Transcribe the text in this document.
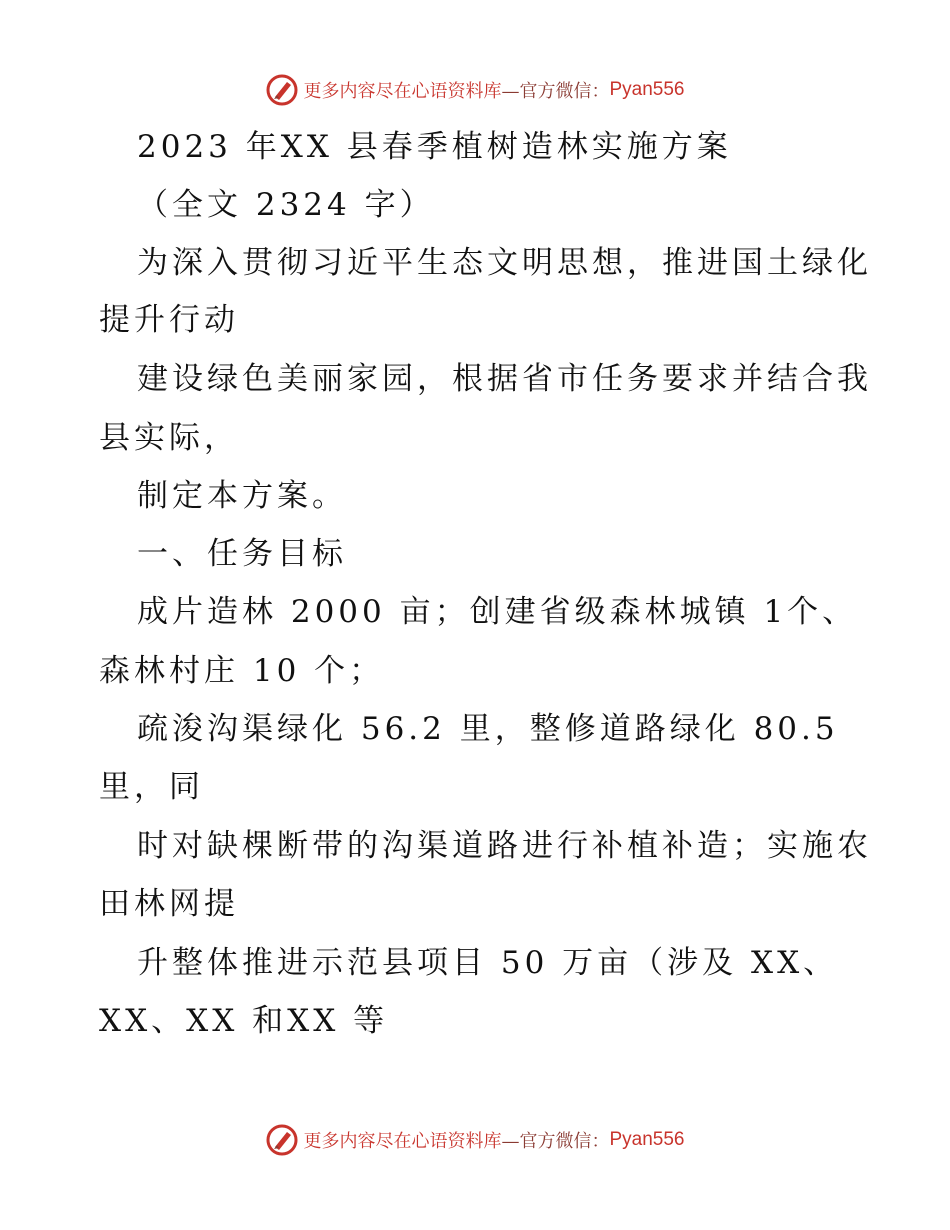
更多内容尽在心语资料库 —官方微信： Pyan556
2023 年XX 县春季植树造林实施方案
（全文 2324 字）
为深入贯彻习近平生态文明思想，推进国土绿化
提升行动
建设绿色美丽家园，根据省市任务要求并结合我
县实际，
制定本方案。
一、任务目标
成片造林 2000 亩；创建省级森林城镇 1个、
森林村庄 10 个；
疏浚沟渠绿化 56.2 里，整修道路绿化 80.5
里，同
时对缺棵断带的沟渠道路进行补植补造；实施农
田林网提
升整体推进示范县项目 50 万亩（涉及 XX、
XX、XX 和XX 等
更多内容尽在心语资料库 —官方微信： Pyan556
